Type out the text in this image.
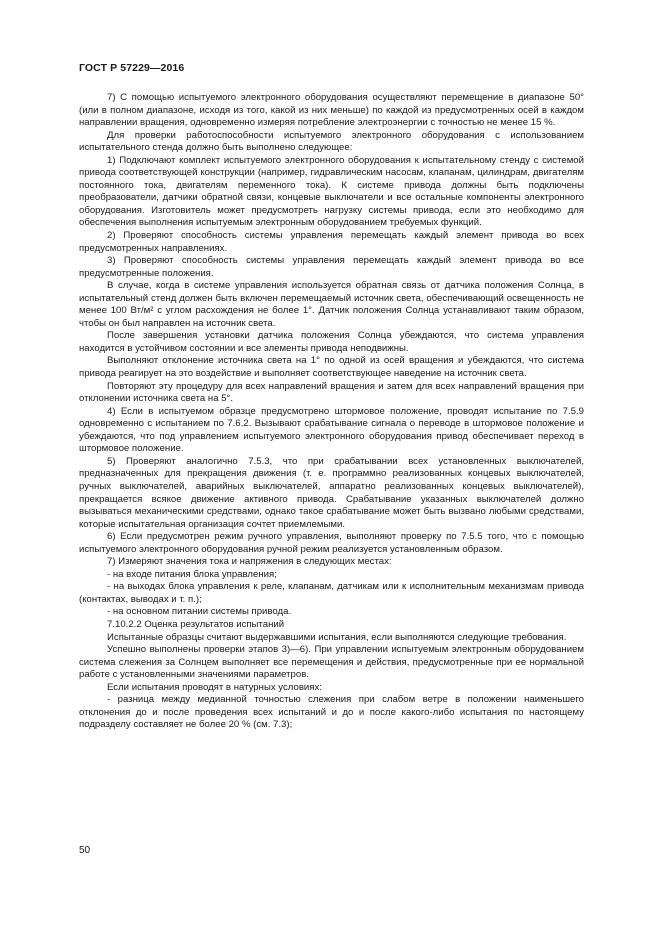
ГОСТ Р 57229—2016

7) С помощью испытуемого электронного оборудования осуществляют перемещение в диапазоне 50° (или в полном диапазоне, исходя из того, какой из них меньше) по каждой из предусмотренных осей в каждом направлении вращения, одновременно измеряя потребление электроэнергии с точностью не менее 15 %.

Для проверки работоспособности испытуемого электронного оборудования с использованием испытательного стенда должно быть выполнено следующее:

1) Подключают комплект испытуемого электронного оборудования к испытательному стенду с системой привода соответствующей конструкции (например, гидравлическим насосам, клапанам, цилиндрам, двигателям постоянного тока, двигателям переменного тока). К системе привода должны быть подключены преобразователи, датчики обратной связи, концевые выключатели и все остальные компоненты электронного оборудования. Изготовитель может предусмотреть нагрузку системы привода, если это необходимо для обеспечения выполнения испытуемым электронным оборудованием требуемых функций.

2) Проверяют способность системы управления перемещать каждый элемент привода во всех предусмотренных направлениях.

3) Проверяют способность системы управления перемещать каждый элемент привода во все предусмотренные положения.

В случае, когда в системе управления используется обратная связь от датчика положения Солнца, в испытательный стенд должен быть включен перемещаемый источник света, обеспечивающий освещенность не менее 100 Вт/м² с углом расхождения не более 1°. Датчик положения Солнца устанавливают таким образом, чтобы он был направлен на источник света.

После завершения установки датчика положения Солнца убеждаются, что система управления находится в устойчивом состоянии и все элементы привода неподвижны.

Выполняют отклонение источника света на 1° по одной из осей вращения и убеждаются, что система привода реагирует на это воздействие и выполняет соответствующее наведение на источник света.

Повторяют эту процедуру для всех направлений вращения и затем для всех направлений вращения при отклонении источника света на 5°.

4) Если в испытуемом образце предусмотрено штормовое положение, проводят испытание по 7.5.9 одновременно с испытанием по 7.6.2. Вызывают срабатывание сигнала о переводе в штормовое положение и убеждаются, что под управлением испытуемого электронного оборудования привод обеспечивает переход в штормовое положение.

5) Проверяют аналогично 7.5.3, что при срабатывании всех установленных выключателей, предназначенных для прекращения движения (т. е. программно реализованных концевых выключателей, ручных выключателей, аварийных выключателей, аппаратно реализованных концевых выключателей), прекращается всякое движение активного привода. Срабатывание указанных выключателей должно вызываться механическими средствами, однако такое срабатывание может быть вызвано любыми средствами, которые испытательная организация сочтет приемлемыми.

6) Если предусмотрен режим ручного управления, выполняют проверку по 7.5.5 того, что с помощью испытуемого электронного оборудования ручной режим реализуется установленным образом.

7) Измеряют значения тока и напряжения в следующих местах:

- на входе питания блока управления;

- на выходах блока управления к реле, клапанам, датчикам или к исполнительным механизмам привода (контактах, выводах и т. п.);

- на основном питании системы привода.

7.10.2.2 Оценка результатов испытаний

Испытанные образцы считают выдержавшими испытания, если выполняются следующие требования.

Успешно выполнены проверки этапов 3)—6). При управлении испытуемым электронным оборудованием система слежения за Солнцем выполняет все перемещения и действия, предусмотренные при ее нормальной работе с установленными значениями параметров.

Если испытания проводят в натурных условиях:

- разница между медианной точностью слежения при слабом ветре в положении наименьшего отклонения до и после проведения всех испытаний и до и после какого-либо испытания по настоящему подразделу составляет не более 20 % (см. 7.3);

50
